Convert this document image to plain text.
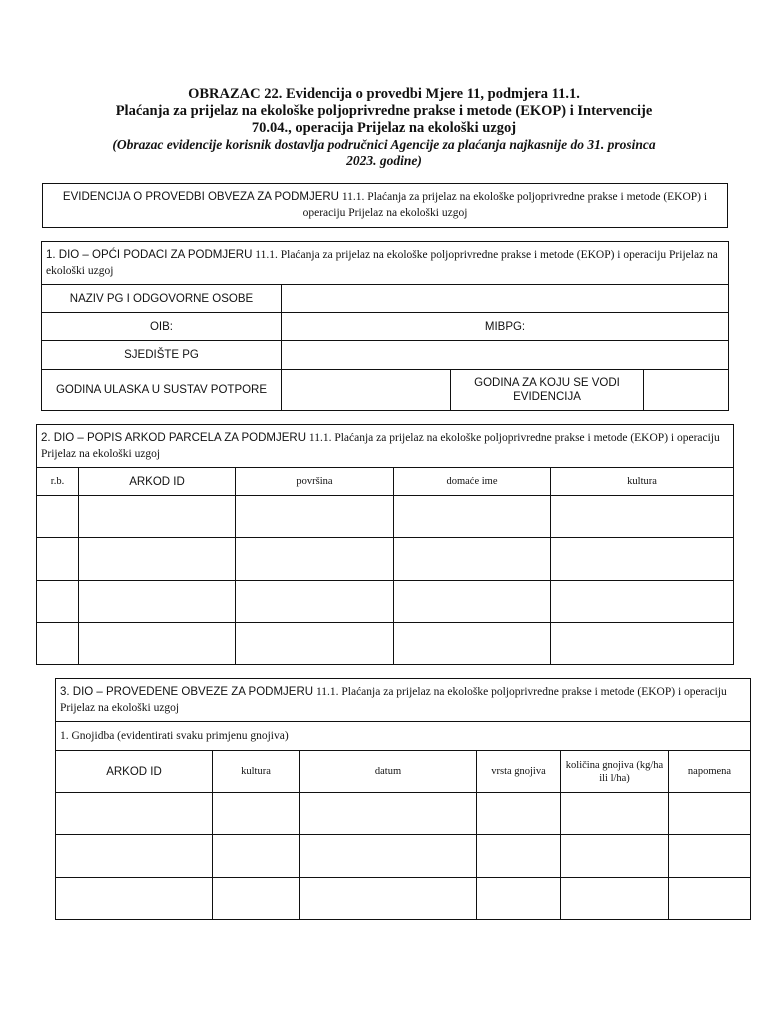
OBRAZAC 22. Evidencija o provedbi Mjere 11, podmjera 11.1.
Plaćanja za prijelaz na ekološke poljoprivredne prakse i metode (EKOP) i Intervencije
70.04., operacija Prijelaz na ekološki uzgoj
(Obrazac evidencije korisnik dostavlja područnici Agencije za plaćanja najkasnije do 31. prosinca
2023. godine)
EVIDENCIJA O PROVEDBI OBVEZA ZA PODMJERU 11.1. Plaćanja za prijelaz na ekološke poljoprivredne prakse i metode (EKOP) i operaciju Prijelaz na ekološki uzgoj
1. DIO – OPĆI PODACI ZA PODMJERU 11.1. Plaćanja za prijelaz na ekološke poljoprivredne prakse i metode (EKOP) i operaciju Prijelaz na ekološki uzgoj			
NAZIV PG I ODGOVORNE OSOBE			
OIB:	MIBPG:		
SJEDIŠTE PG			
GODINA ULASKA U SUSTAV POTPORE		GODINA ZA KOJU SE VODI EVIDENCIJA	
2. DIO – POPIS ARKOD PARCELA ZA PODMJERU 11.1. Plaćanja za prijelaz na ekološke poljoprivredne prakse i metode (EKOP) i operaciju Prijelaz na ekološki uzgoj				
r.b.	ARKOD ID	površina	domaće ime	kultura

3. DIO – PROVEDENE OBVEZE ZA PODMJERU 11.1. Plaćanja za prijelaz na ekološke poljoprivredne prakse i metode (EKOP) i operaciju Prijelaz na ekološki uzgoj					
1. Gnojidba (evidentirati svaku primjenu gnojiva)					
ARKOD ID	kultura	datum	vrsta gnojiva	količina gnojiva (kg/ha ili l/ha)	napomena
